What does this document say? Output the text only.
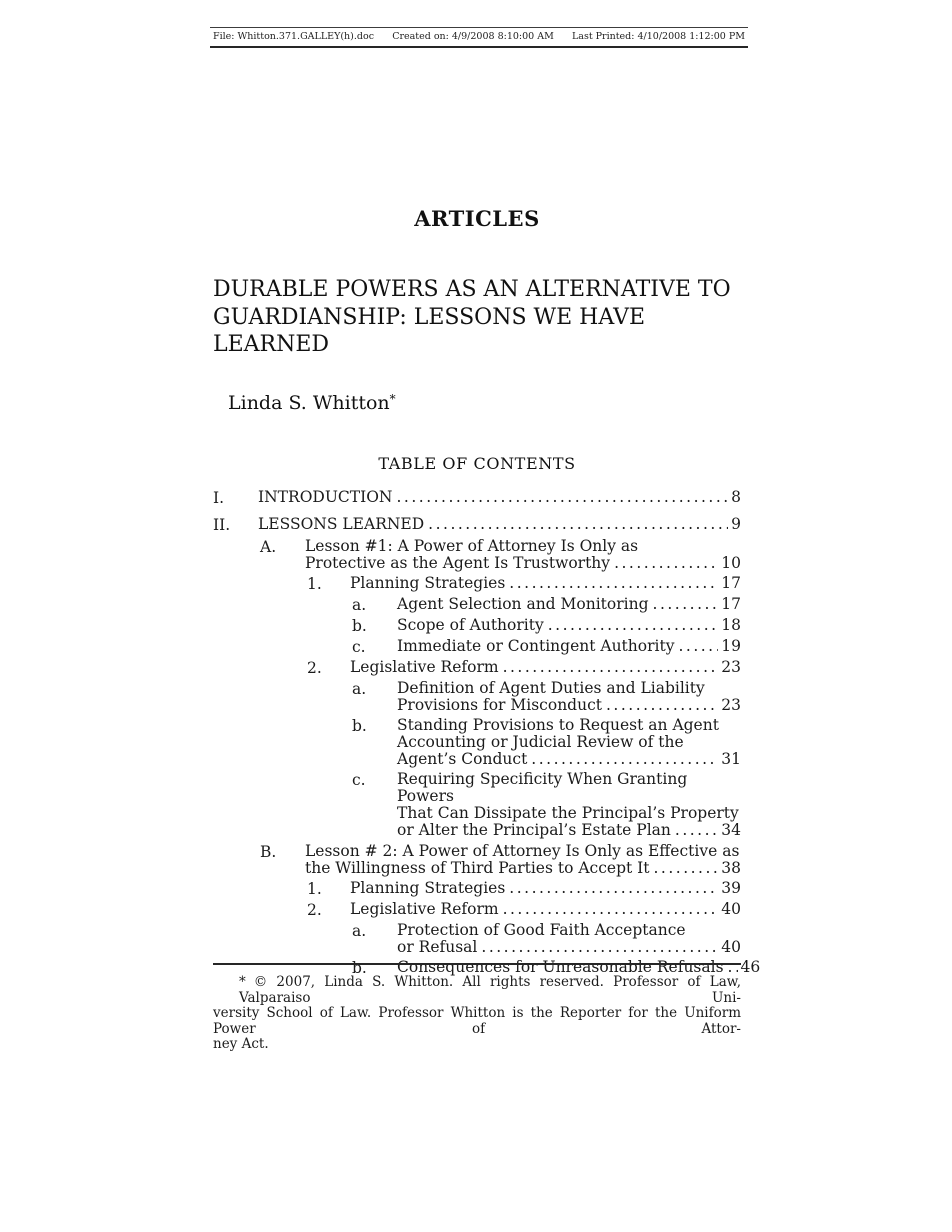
File: Whitton.371.GALLEY(h).doc Created on: 4/9/2008 8:10:00 AM Last Printed: 4/10/2008 1:12:00 PM
ARTICLES
DURABLE POWERS AS AN ALTERNATIVE TO
GUARDIANSHIP: LESSONS WE HAVE
LEARNED
Linda S. Whitton*
TABLE OF CONTENTS
I.	INTRODUCTION .....	8
II.	LESSONS LEARNED .....	9
A.	Lesson #1: A Power of Attorney Is Only as
Protective as the Agent Is Trustworthy .....	10
1.	Planning Strategies .....	17
a.	Agent Selection and Monitoring .....	17
b.	Scope of Authority .....	18
c.	Immediate or Contingent Authority .....	19
2.	Legislative Reform .....	23
a.	Definition of Agent Duties and Liability
Provisions for Misconduct .....	23
b.	Standing Provisions to Request an Agent
Accounting or Judicial Review of the
Agent’s Conduct .....	31
c.	Requiring Specificity When Granting Powers
That Can Dissipate the Principal’s Property
or Alter the Principal’s Estate Plan .....	34
B.	Lesson # 2: A Power of Attorney Is Only as Effective as
the Willingness of Third Parties to Accept It .....	38
1.	Planning Strategies .....	39
2.	Legislative Reform .....	40
a.	Protection of Good Faith Acceptance
or Refusal .....	40
b.	Consequences for Unreasonable Refusals ..... 46
* © 2007, Linda S. Whitton. All rights reserved. Professor of Law, Valparaiso Uni-
versity School of Law. Professor Whitton is the Reporter for the Uniform Power of Attor-
ney Act.
